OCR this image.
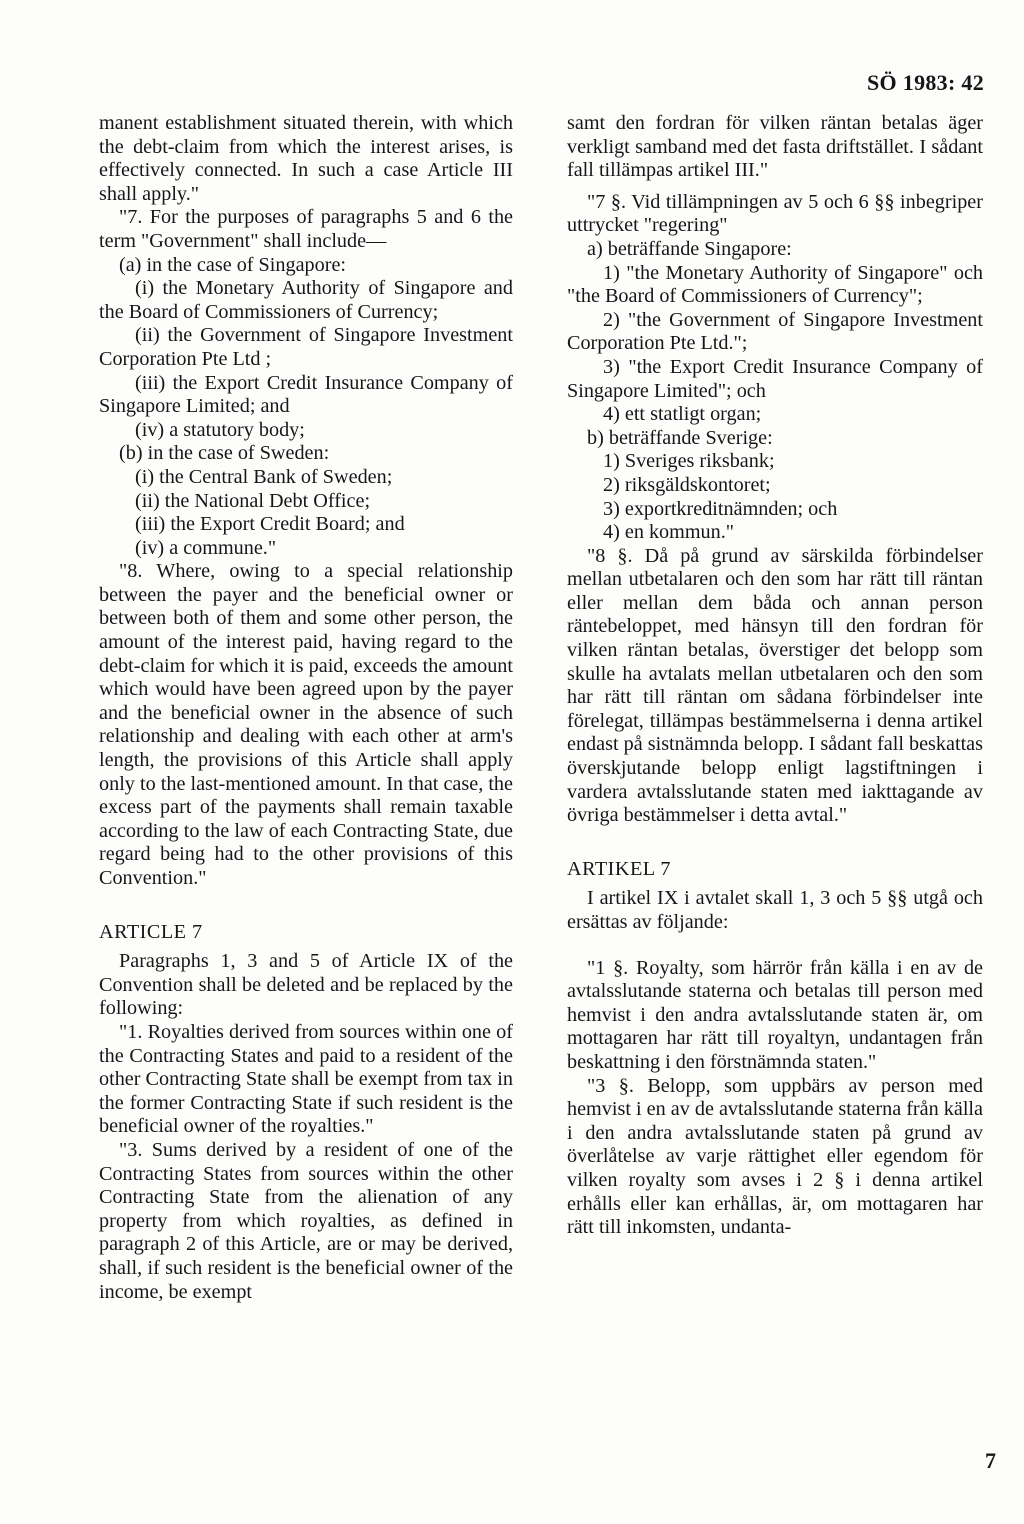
SÖ 1983: 42

manent establishment situated therein, with which the debt-claim from which the interest arises, is effectively connected. In such a case Article III shall apply."

"7. For the purposes of paragraphs 5 and 6 the term "Government" shall include—

(a) in the case of Singapore:

(i) the Monetary Authority of Singapore and the Board of Commissioners of Currency;

(ii) the Government of Singapore Investment Corporation Pte Ltd ;

(iii) the Export Credit Insurance Company of Singapore Limited; and

(iv) a statutory body;

(b) in the case of Sweden:

(i) the Central Bank of Sweden;

(ii) the National Debt Office;

(iii) the Export Credit Board; and

(iv) a commune."

"8. Where, owing to a special relationship between the payer and the beneficial owner or between both of them and some other person, the amount of the interest paid, having regard to the debt-claim for which it is paid, exceeds the amount which would have been agreed upon by the payer and the beneficial owner in the absence of such relationship and dealing with each other at arm's length, the provisions of this Article shall apply only to the last-mentioned amount. In that case, the excess part of the payments shall remain taxable according to the law of each Contracting State, due regard being had to the other provisions of this Convention."

ARTICLE 7

Paragraphs 1, 3 and 5 of Article IX of the Convention shall be deleted and be replaced by the following:

"1. Royalties derived from sources within one of the Contracting States and paid to a resident of the other Contracting State shall be exempt from tax in the former Contracting State if such resident is the beneficial owner of the royalties."

"3. Sums derived by a resident of one of the Contracting States from sources within the other Contracting State from the alienation of any property from which royalties, as defined in paragraph 2 of this Article, are or may be derived, shall, if such resident is the beneficial owner of the income, be exempt

samt den fordran för vilken räntan betalas äger verkligt samband med det fasta driftstället. I sådant fall tillämpas artikel III."

"7 §. Vid tillämpningen av 5 och 6 §§ inbegriper uttrycket "regering"

a) beträffande Singapore:

1) "the Monetary Authority of Singapore" och "the Board of Commissioners of Currency";

2) "the Government of Singapore Investment Corporation Pte Ltd.";

3) "the Export Credit Insurance Company of Singapore Limited"; och

4) ett statligt organ;

b) beträffande Sverige:

1) Sveriges riksbank;

2) riksgäldskontoret;

3) exportkreditnämnden; och

4) en kommun."

"8 §. Då på grund av särskilda förbindelser mellan utbetalaren och den som har rätt till räntan eller mellan dem båda och annan person räntebeloppet, med hänsyn till den fordran för vilken räntan betalas, överstiger det belopp som skulle ha avtalats mellan utbetalaren och den som har rätt till räntan om sådana förbindelser inte förelegat, tillämpas bestämmelserna i denna artikel endast på sistnämnda belopp. I sådant fall beskattas överskjutande belopp enligt lagstiftningen i vardera avtalsslutande staten med iakttagande av övriga bestämmelser i detta avtal."

ARTIKEL 7

I artikel IX i avtalet skall 1, 3 och 5 §§ utgå och ersättas av följande:

"1 §. Royalty, som härrör från källa i en av de avtalsslutande staterna och betalas till person med hemvist i den andra avtalsslutande staten är, om mottagaren har rätt till royaltyn, undantagen från beskattning i den förstnämnda staten."

"3 §. Belopp, som uppbärs av person med hemvist i en av de avtalsslutande staterna från källa i den andra avtalsslutande staten på grund av överlåtelse av varje rättighet eller egendom för vilken royalty som avses i 2 § i denna artikel erhålls eller kan erhållas, är, om mottagaren har rätt till inkomsten, undanta-

7
